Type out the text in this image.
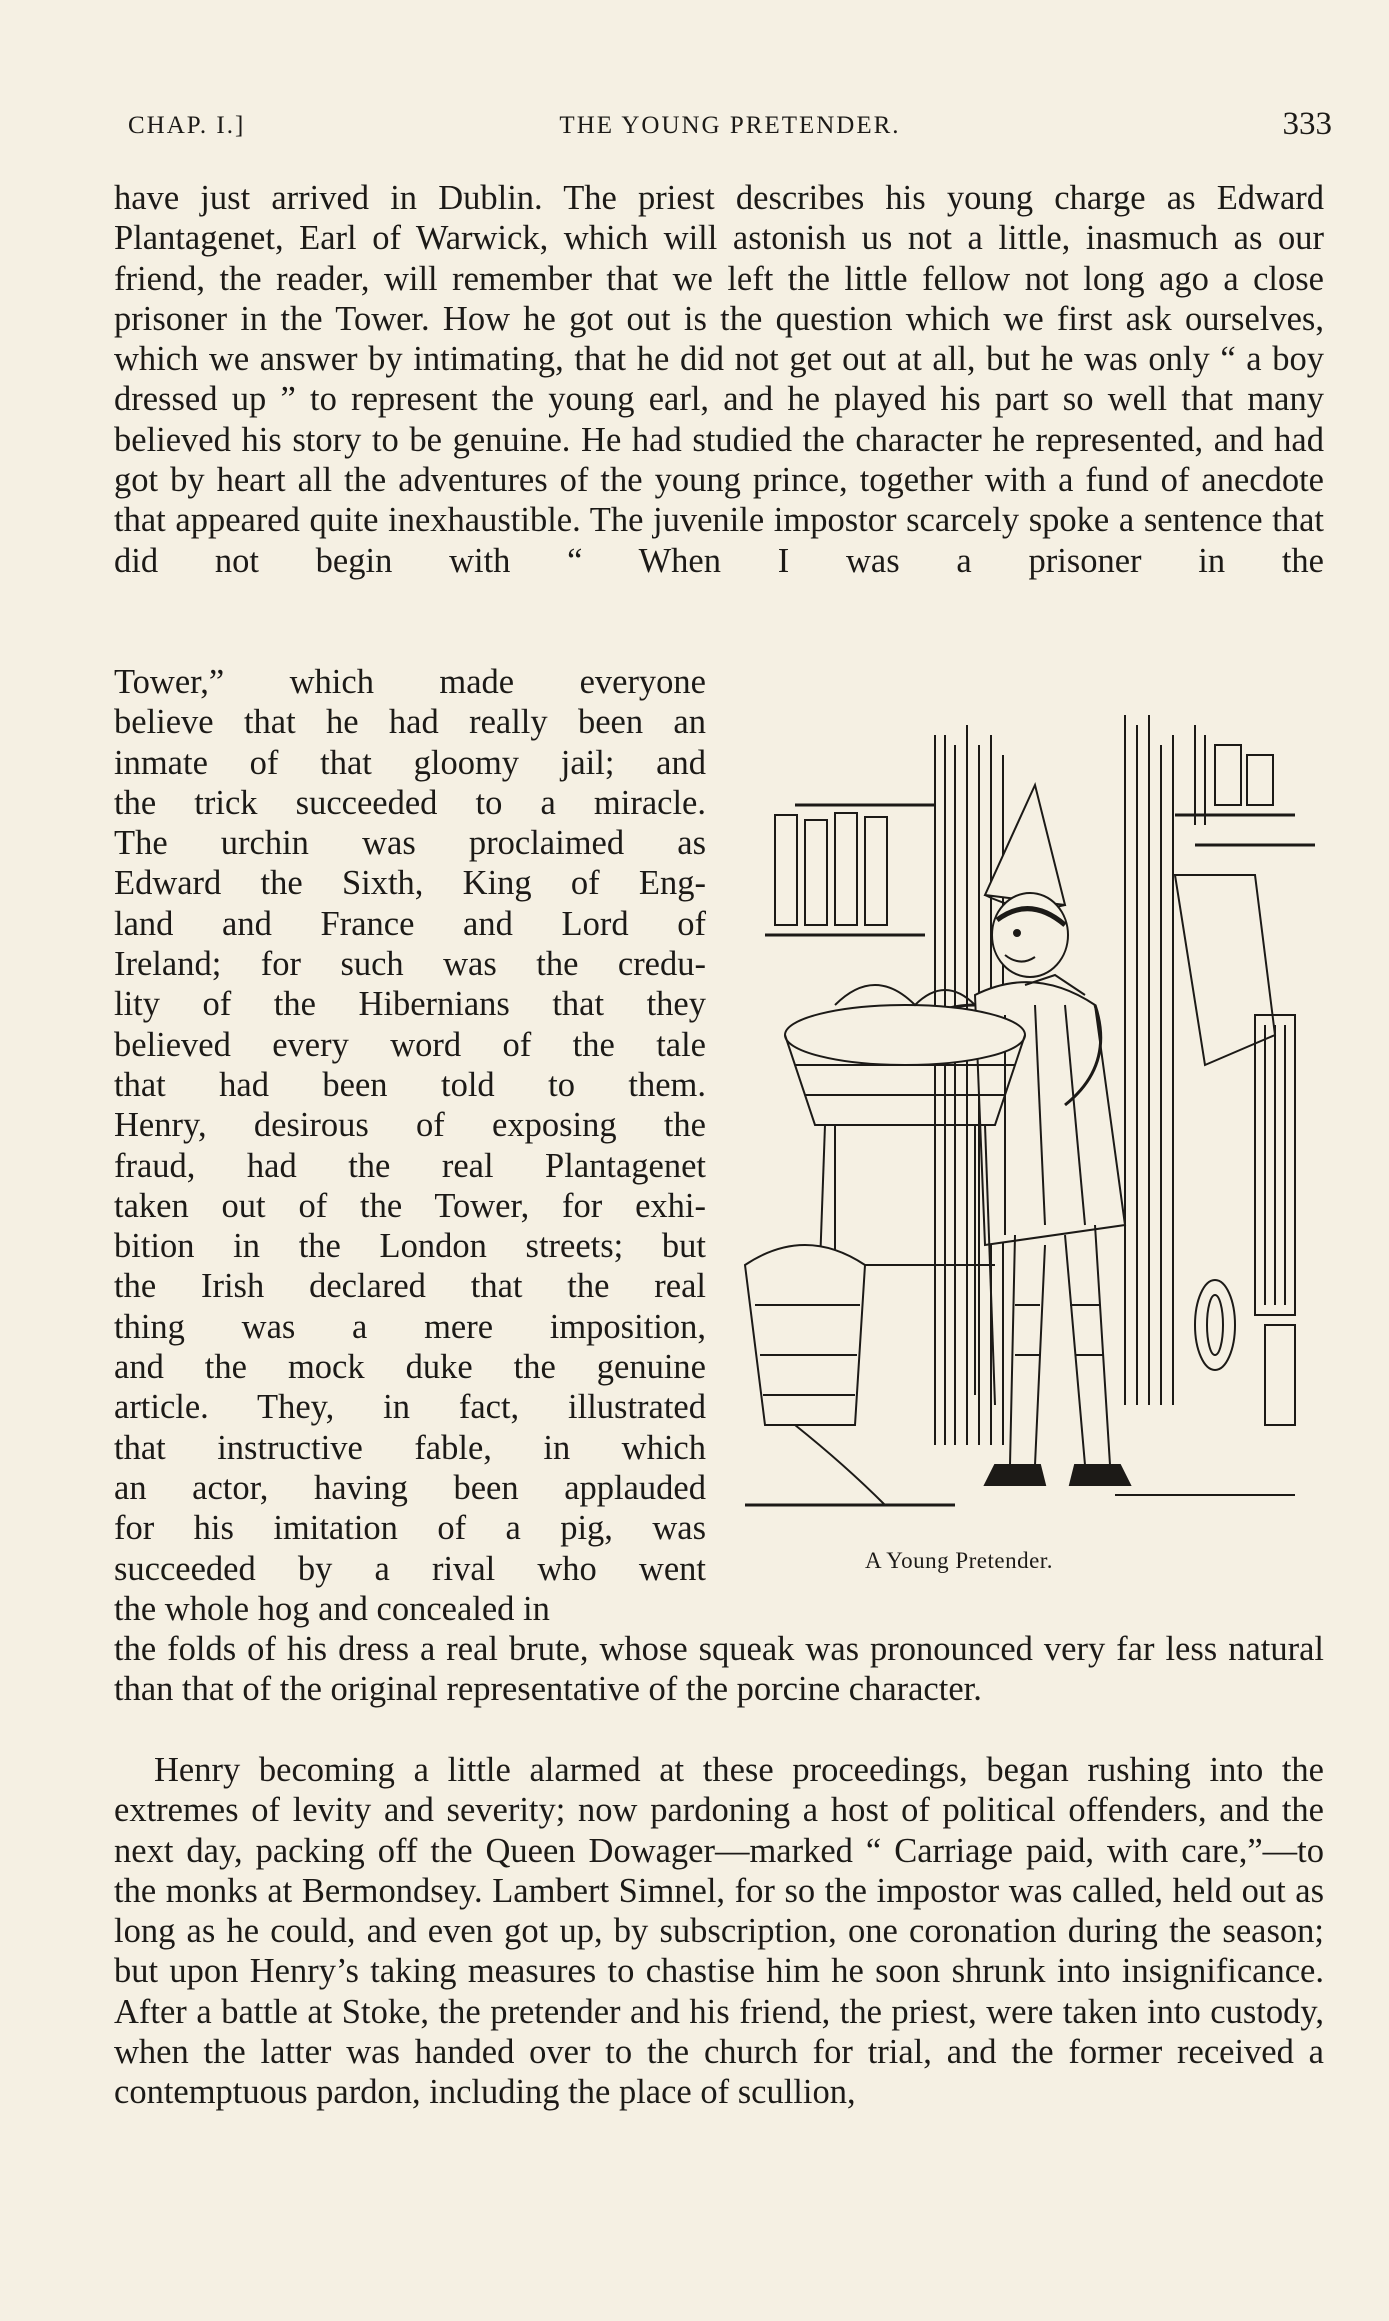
CHAP. I.]	THE YOUNG PRETENDER.	333

have just arrived in Dublin. The priest describes his young charge as Edward Plantagenet, Earl of Warwick, which will astonish us not a little, inasmuch as our friend, the reader, will remember that we left the little fellow not long ago a close prisoner in the Tower. How he got out is the question which we first ask ourselves, which we answer by intimating, that he did not get out at all, but he was only “ a boy dressed up ” to represent the young earl, and he played his part so well that many believed his story to be genuine. He had studied the character he represented, and had got by heart all the adventures of the young prince, together with a fund of anecdote that appeared quite inexhaustible. The juvenile impostor scarcely spoke a sentence that did not begin with “ When I was a prisoner in the

Tower,” which made everyone
believe that he had really been an
inmate of that gloomy jail; and
the trick succeeded to a miracle.
The urchin was proclaimed as
Edward the Sixth, King of Eng-
land and France and Lord of
Ireland; for such was the credu-
lity of the Hibernians that they
believed every word of the tale
that had been told to them.
Henry, desirous of exposing the
fraud, had the real Plantagenet
taken out of the Tower, for exhi-
bition in the London streets; but
the Irish declared that the real
thing was a mere imposition,
and the mock duke the genuine
article. They, in fact, illustrated
that instructive fable, in which
an actor, having been applauded
for his imitation of a pig, was
succeeded by a rival who went
the whole hog and concealed in

the folds of his dress a real brute, whose squeak was pronounced very far less natural than that of the original representative of the porcine character.

Henry becoming a little alarmed at these proceedings, began rushing into the extremes of levity and severity; now pardoning a host of political offenders, and the next day, packing off the Queen Dowager—marked “ Carriage paid, with care,”—to the monks at Bermondsey. Lambert Simnel, for so the impostor was called, held out as long as he could, and even got up, by subscription, one coronation during the season; but upon Henry’s taking measures to chastise him he soon shrunk into insignificance. After a battle at Stoke, the pretender and his friend, the priest, were taken into custody, when the latter was handed over to the church for trial, and the former received a contemptuous pardon, including the place of scullion,

A Young Pretender.
